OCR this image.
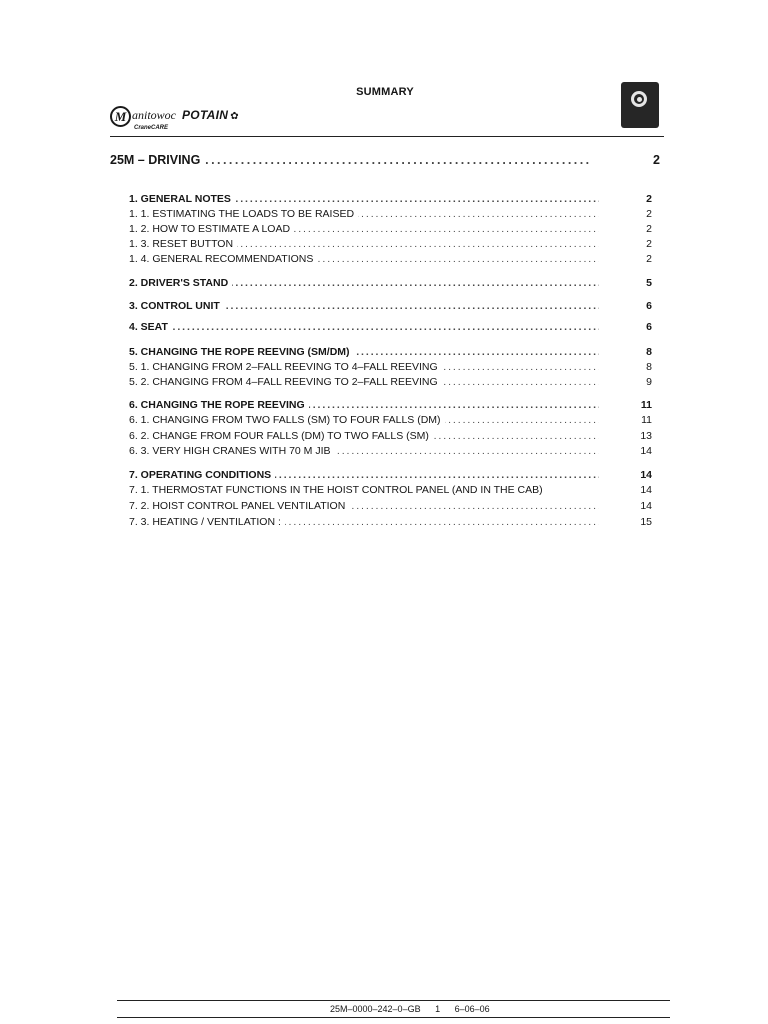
SUMMARY
M anitowoc POTAIN ✿
CraneCARE
. . . 25M – DRIVING	2
. . . 1. GENERAL NOTES	2
. . . 1. 1. ESTIMATING THE LOADS TO BE RAISED	2
. . . 1. 2. HOW TO ESTIMATE A LOAD	2
. . . 1. 3. RESET BUTTON	2
. . . 1. 4. GENERAL RECOMMENDATIONS	2
. . . 2. DRIVER'S STAND	5
. . . 3. CONTROL UNIT	6
. . . 4. SEAT	6
. . . 5. CHANGING THE ROPE REEVING (SM/DM)	8
. . . 5. 1. CHANGING FROM 2–FALL REEVING TO 4–FALL REEVING	8
. . . 5. 2. CHANGING FROM 4–FALL REEVING TO 2–FALL REEVING	9
. . . 6. CHANGING THE ROPE REEVING	11
. . . 6. 1. CHANGING FROM TWO FALLS (SM) TO FOUR FALLS (DM)	11
. . . 6. 2. CHANGE FROM FOUR FALLS (DM) TO TWO FALLS (SM)	13
. . . 6. 3. VERY HIGH CRANES WITH 70 M JIB	14
. . . 7. OPERATING CONDITIONS	14
7. 1. THERMOSTAT FUNCTIONS IN THE HOIST CONTROL PANEL (AND IN THE CAB)	14
. . . 7. 2. HOIST CONTROL PANEL VENTILATION	14
. . . 7. 3. HEATING / VENTILATION :	15
25M–0000–242–0–GB 1 6–06–06
